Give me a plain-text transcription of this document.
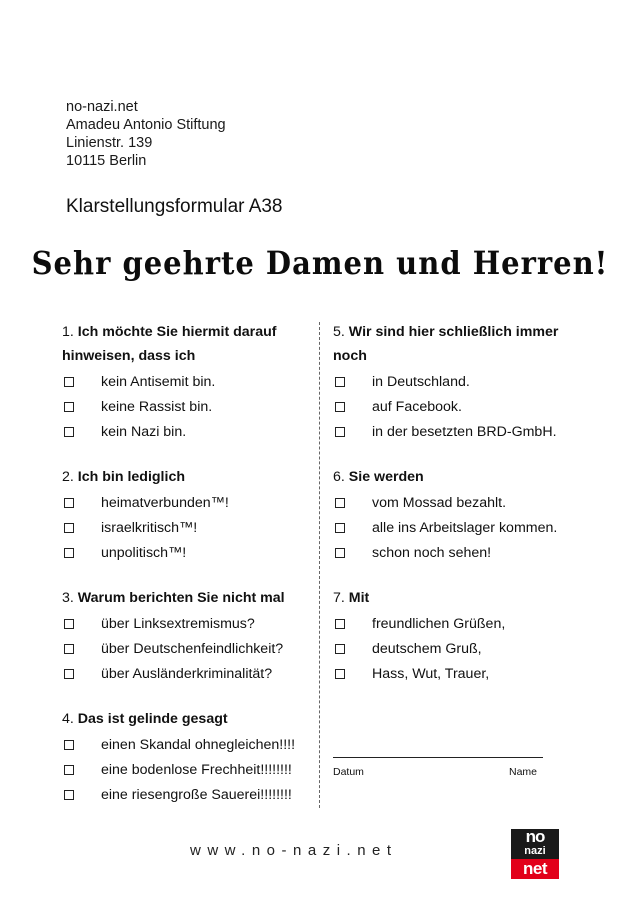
no-nazi.net
Amadeu Antonio Stiftung
Linienstr. 139
10115 Berlin
Klarstellungsformular A38
Sehr geehrte Damen und Herren!
1. Ich möchte Sie hiermit darauf hinweisen, dass ich
kein Antisemit bin.
keine Rassist bin.
kein Nazi bin.
2. Ich bin lediglich
heimatverbunden™!
israelkritisch™!
unpolitisch™!
3. Warum berichten Sie nicht mal
über Linksextremismus?
über Deutschenfeindlichkeit?
über Ausländerkriminalität?
4. Das ist gelinde gesagt
einen Skandal ohnegleichen!!!!
eine bodenlose Frechheit!!!!!!!!
eine riesengroße Sauerei!!!!!!!!
5. Wir sind hier schließlich immer noch
in Deutschland.
auf Facebook.
in der besetzten BRD-GmbH.
6. Sie werden
vom Mossad bezahlt.
alle ins Arbeitslager kommen.
schon noch sehen!
7. Mit
freundlichen Grüßen,
deutschem Gruß,
Hass, Wut, Trauer,
Datum	Name
www.no-nazi.net
no
nazi
net
